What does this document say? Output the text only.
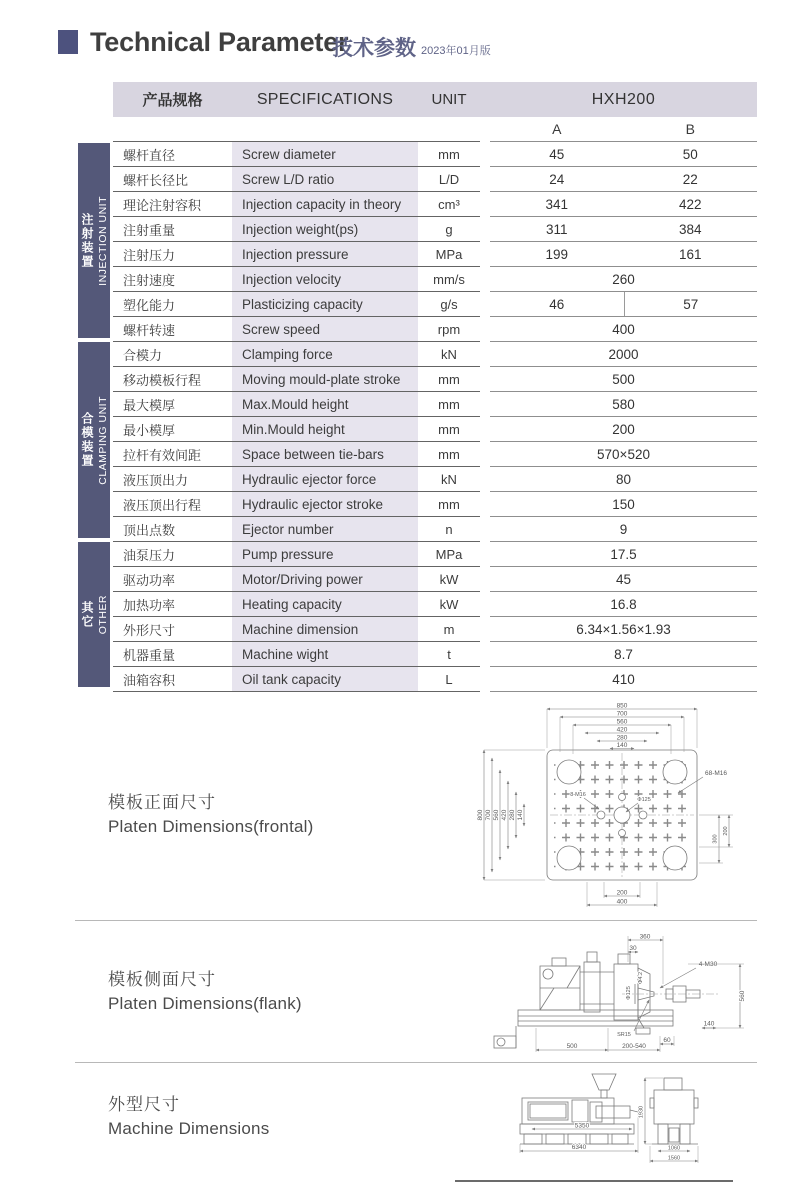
Technical Parameter
技术参数 2023年01月版
产品规格	SPECIFICATIONS	UNIT	HXH200
A	B
注射装置 INJECTION UNIT
合模装置 CLAMPING UNIT
其它 OTHER
螺杆直径	Screw diameter	mm	45	50
螺杆长径比	Screw L/D ratio	L/D	24	22
理论注射容积	Injection capacity in theory	cm³	341	422
注射重量	Injection weight(ps)	g	311	384
注射压力	Injection pressure	MPa	199	161
注射速度	Injection velocity	mm/s	260
塑化能力	Plasticizing capacity	g/s	46	57
螺杆转速	Screw speed	rpm	400
合模力	Clamping force	kN	2000
移动模板行程	Moving mould-plate stroke	mm	500
最大模厚	Max.Mould height	mm	580
最小模厚	Min.Mould height	mm	200
拉杆有效间距	Space between tie-bars	mm	570×520
液压顶出力	Hydraulic ejector force	kN	80
液压顶出行程	Hydraulic ejector stroke	mm	150
顶出点数	Ejector number	n	9
油泵压力	Pump pressure	MPa	17.5
驱动功率	Motor/Driving power	kW	45
加热功率	Heating capacity	kW	16.8
外形尺寸	Machine dimension	m	6.34×1.56×1.93
机器重量	Machine wight	t	8.7
油箱容积	Oil tank capacity	L	410
模板正面尺寸
Platen Dimensions(frontal)
模板侧面尺寸
Platen Dimensions(flank)
外型尺寸
Machine Dimensions
850
700
560
420
280
140
800 700 560 420 280 140
200
400
300
200
68-M16
8-M16
Φ125
360
30
4-M30
560
140
Φ125
Φ4.2
SR15
500	200-540
60
5350
6340
1930
1060
1560
